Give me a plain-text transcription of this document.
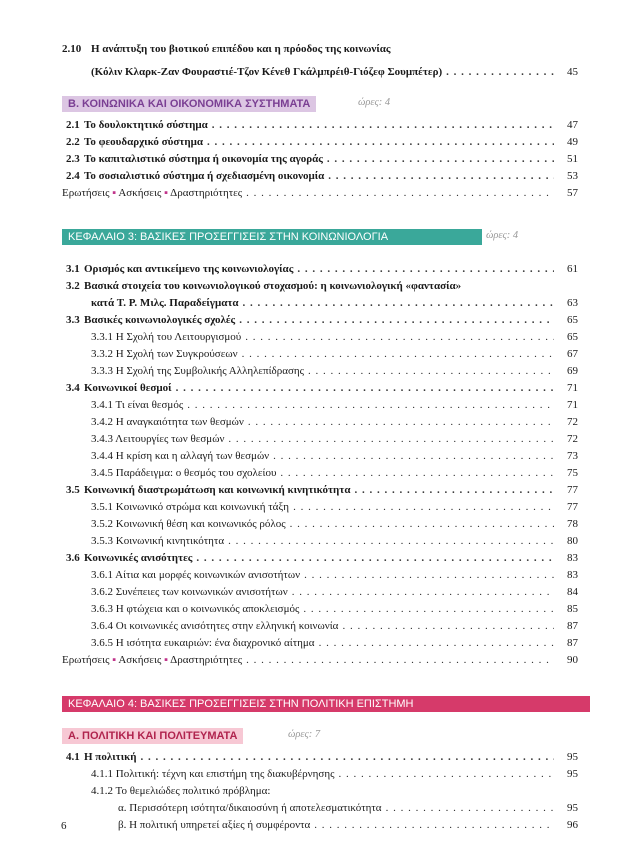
2.10 Η ανάπτυξη του βιοτικού επιπέδου και η πρόοδος της κοινωνίας
(Κόλιν Κλαρκ-Ζαν Φουραστιέ-Τζον Κένεθ Γκάλμπρέιθ-Γιόζεφ Σουμπέτερ) . . .	45
Β. ΚΟΙΝΩΝΙΚΑ ΚΑΙ ΟΙΚΟΝΟΜΙΚΑ ΣΥΣΤΗΜΑΤΑ	ώρες: 4
2.1 Το δουλοκτητικό σύστημα . . .	47
2.2 Το φεουδαρχικό σύστημα . . .	49
2.3 Το καπιταλιστικό σύστημα ή οικονομία της αγοράς . . .	51
2.4 Το σοσιαλιστικό σύστημα ή σχεδιασμένη οικονομία . . .	53
Ερωτήσεις ▪ Ασκήσεις ▪ Δραστηριότητες . . .	57
ΚΕΦΑΛΑΙΟ 3: ΒΑΣΙΚΕΣ ΠΡΟΣΕΓΓΙΣΕΙΣ ΣΤΗΝ ΚΟΙΝΩΝΙΟΛΟΓΙΑ	ώρες: 4
3.1 Ορισμός και αντικείμενο της κοινωνιολογίας . . .	61
3.2 Βασικά στοιχεία του κοινωνιολογικού στοχασμού: η κοινωνιολογική «φαντασία»
κατά Τ. Ρ. Μιλς. Παραδείγματα . . .	63
3.3 Βασικές κοινωνιολογικές σχολές . . .	65
3.3.1 Η Σχολή του Λειτουργισμού . . .	65
3.3.2 Η Σχολή των Συγκρούσεων . . .	67
3.3.3 Η Σχολή της Συμβολικής Αλληλεπίδρασης . . .	69
3.4 Κοινωνικοί θεσμοί . . .	71
3.4.1 Τι είναι θεσμός . . .	71
3.4.2 Η αναγκαιότητα των θεσμών . . .	72
3.4.3 Λειτουργίες των θεσμών . . .	72
3.4.4 Η κρίση και η αλλαγή των θεσμών . . .	73
3.4.5 Παράδειγμα: ο θεσμός του σχολείου . . .	75
3.5 Κοινωνική διαστρωμάτωση και κοινωνική κινητικότητα . . .	77
3.5.1 Κοινωνικό στρώμα και κοινωνική τάξη . . .	77
3.5.2 Κοινωνική θέση και κοινωνικός ρόλος . . .	78
3.5.3 Κοινωνική κινητικότητα . . .	80
3.6 Κοινωνικές ανισότητες . . .	83
3.6.1 Αίτια και μορφές κοινωνικών ανισοτήτων . . .	83
3.6.2 Συνέπειες των κοινωνικών ανισοτήτων . . .	84
3.6.3 Η φτώχεια και ο κοινωνικός αποκλεισμός . . .	85
3.6.4 Οι κοινωνικές ανισότητες στην ελληνική κοινωνία . . .	87
3.6.5 Η ισότητα ευκαιριών: ένα διαχρονικό αίτημα . . .	87
Ερωτήσεις ▪ Ασκήσεις ▪ Δραστηριότητες . . .	90
ΚΕΦΑΛΑΙΟ 4: ΒΑΣΙΚΕΣ ΠΡΟΣΕΓΓΙΣΕΙΣ ΣΤΗΝ ΠΟΛΙΤΙΚΗ ΕΠΙΣΤΗΜΗ
Α. ΠΟΛΙΤΙΚΗ ΚΑΙ ΠΟΛΙΤΕΥΜΑΤΑ	ώρες: 7
4.1 Η πολιτική . . .	95
4.1.1 Πολιτική: τέχνη και επιστήμη της διακυβέρνησης . . .	95
4.1.2 Το θεμελιώδες πολιτικό πρόβλημα:
α. Περισσότερη ισότητα/δικαιοσύνη ή αποτελεσματικότητα . . .	95
β. Η πολιτική υπηρετεί αξίες ή συμφέροντα . . .	96
6
